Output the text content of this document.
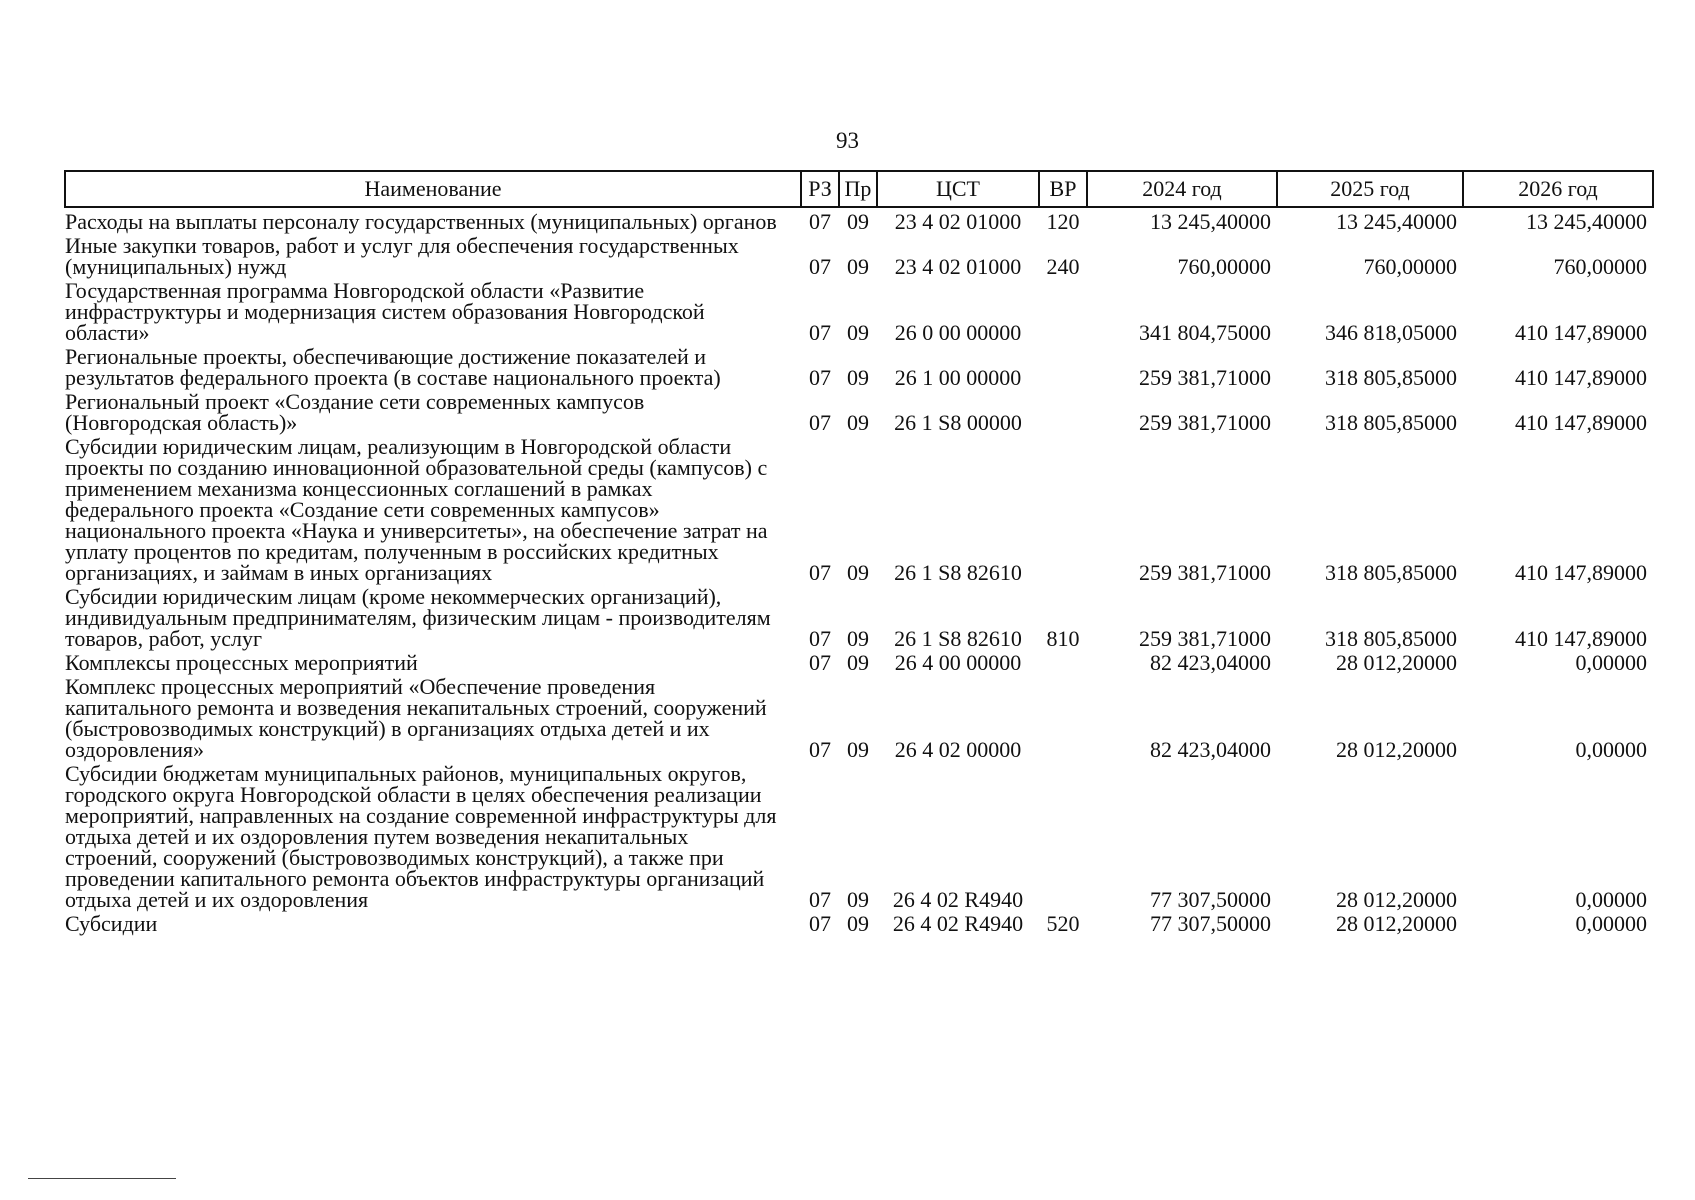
93
Наименование	РЗ	Пр	ЦСТ	ВР	2024 год	2025 год	2026 год
Расходы на выплаты персоналу государственных (муниципальных) органов	07	09	23 4 02 01000	120	13 245,40000	13 245,40000	13 245,40000
Иные закупки товаров, работ и услуг для обеспечения государственных (муниципальных) нужд	07	09	23 4 02 01000	240	760,00000	760,00000	760,00000
Государственная программа Новгородской области «Развитие инфраструктуры и модернизация систем образования Новгородской области»	07	09	26 0 00 00000		341 804,75000	346 818,05000	410 147,89000
Региональные проекты, обеспечивающие достижение показателей и результатов федерального проекта (в составе национального проекта)	07	09	26 1 00 00000		259 381,71000	318 805,85000	410 147,89000
Региональный проект «Создание сети современных кампусов (Новгородская область)»	07	09	26 1 S8 00000		259 381,71000	318 805,85000	410 147,89000
Субсидии юридическим лицам, реализующим в Новгородской области проекты по созданию инновационной образовательной среды (кампусов) с применением механизма концессионных соглашений в рамках федерального проекта «Создание сети современных кампусов» национального проекта «Наука и университеты», на обеспечение затрат на уплату процентов по кредитам, полученным в российских кредитных организациях, и займам в иных организациях	07	09	26 1 S8 82610		259 381,71000	318 805,85000	410 147,89000
Субсидии юридическим лицам (кроме некоммерческих организаций), индивидуальным предпринимателям, физическим лицам - производителям товаров, работ, услуг	07	09	26 1 S8 82610	810	259 381,71000	318 805,85000	410 147,89000
Комплексы процессных мероприятий	07	09	26 4 00 00000		82 423,04000	28 012,20000	0,00000
Комплекс процессных мероприятий «Обеспечение проведения капитального ремонта и возведения некапитальных строений, сооружений (быстровозводимых конструкций) в организациях отдыха детей и их оздоровления»	07	09	26 4 02 00000		82 423,04000	28 012,20000	0,00000
Субсидии бюджетам муниципальных районов, муниципальных округов, городского округа Новгородской области в целях обеспечения реализации мероприятий, направленных на создание современной инфраструктуры для отдыха детей и их оздоровления путем возведения некапитальных строений, сооружений (быстровозводимых конструкций), а также при проведении капитального ремонта объектов инфраструктуры организаций отдыха детей и их оздоровления	07	09	26 4 02 R4940		77 307,50000	28 012,20000	0,00000
Субсидии	07	09	26 4 02 R4940	520	77 307,50000	28 012,20000	0,00000
